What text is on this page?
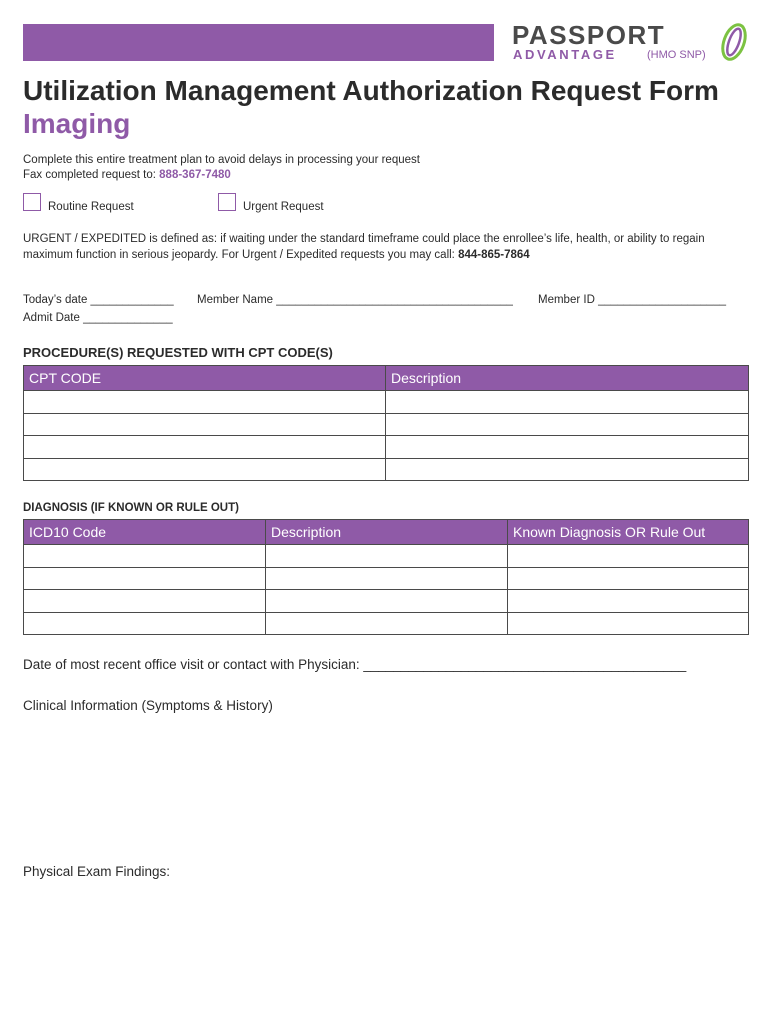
PASSPORT
ADVANTAGE	(HMO SNP)
Utilization Management Authorization Request Form
Imaging
Complete this entire treatment plan to avoid delays in processing your request
Fax completed request to: 888-367-7480
Routine Request	Urgent Request
URGENT / EXPEDITED is defined as: if waiting under the standard timeframe could place the enrollee’s life, health, or ability to regain maximum function in serious jeopardy. For Urgent / Expedited requests you may call: 844-865-7864
Today’s date _____________ Member Name _____________________________________ Member ID ____________________
Admit Date ______________
PROCEDURE(S) REQUESTED WITH CPT CODE(S)
CPT CODE	Description

DIAGNOSIS (IF KNOWN OR RULE OUT)
ICD10 Code	Description	Known Diagnosis OR Rule Out

Date of most recent office visit or contact with Physician: ___________________________________________
Clinical Information (Symptoms & History)
Physical Exam Findings:
